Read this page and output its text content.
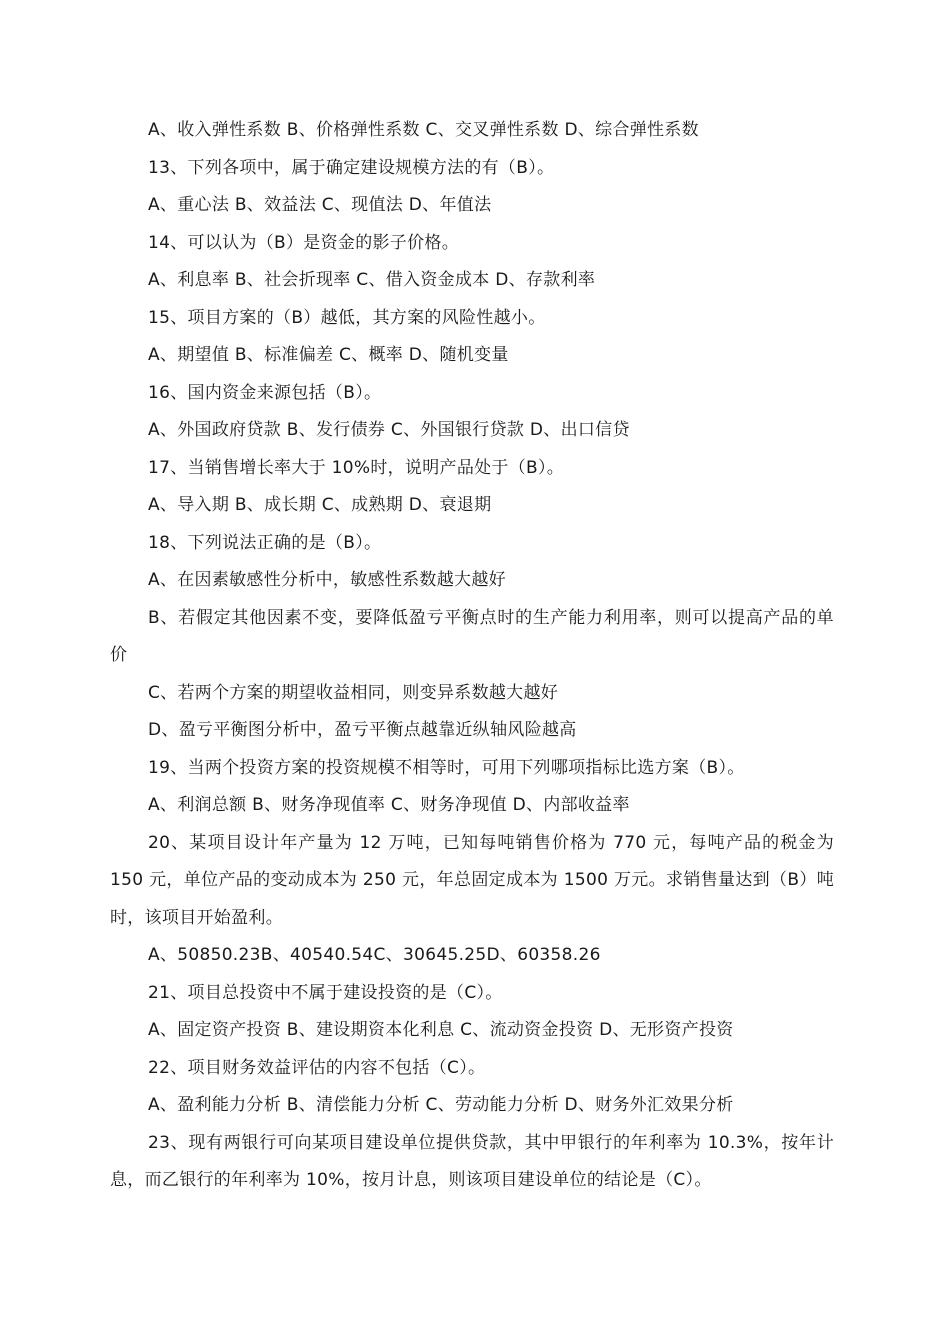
A、收入弹性系数 B、价格弹性系数 C、交叉弹性系数 D、综合弹性系数

13、下列各项中，属于确定建设规模方法的有（B）。

A、重心法 B、效益法 C、现值法 D、年值法

14、可以认为（B）是资金的影子价格。

A、利息率 B、社会折现率 C、借入资金成本 D、存款利率

15、项目方案的（B）越低，其方案的风险性越小。

A、期望值 B、标准偏差 C、概率 D、随机变量

16、国内资金来源包括（B）。

A、外国政府贷款 B、发行债券 C、外国银行贷款 D、出口信贷

17、当销售增长率大于 10%时，说明产品处于（B）。

A、导入期 B、成长期 C、成熟期 D、衰退期

18、下列说法正确的是（B）。

A、在因素敏感性分析中，敏感性系数越大越好

B、若假定其他因素不变，要降低盈亏平衡点时的生产能力利用率，则可以提高产品的单价

C、若两个方案的期望收益相同，则变异系数越大越好

D、盈亏平衡图分析中，盈亏平衡点越靠近纵轴风险越高

19、当两个投资方案的投资规模不相等时，可用下列哪项指标比选方案（B）。

A、利润总额 B、财务净现值率 C、财务净现值 D、内部收益率

20、某项目设计年产量为 12 万吨，已知每吨销售价格为 770 元，每吨产品的税金为 150 元，单位产品的变动成本为 250 元，年总固定成本为 1500 万元。求销售量达到（B）吨时，该项目开始盈利。

A、50850.23B、40540.54C、30645.25D、60358.26

21、项目总投资中不属于建设投资的是（C）。

A、固定资产投资 B、建设期资本化利息 C、流动资金投资 D、无形资产投资

22、项目财务效益评估的内容不包括（C）。

A、盈利能力分析 B、清偿能力分析 C、劳动能力分析 D、财务外汇效果分析

23、现有两银行可向某项目建设单位提供贷款，其中甲银行的年利率为 10.3%，按年计息，而乙银行的年利率为 10%，按月计息，则该项目建设单位的结论是（C）。
